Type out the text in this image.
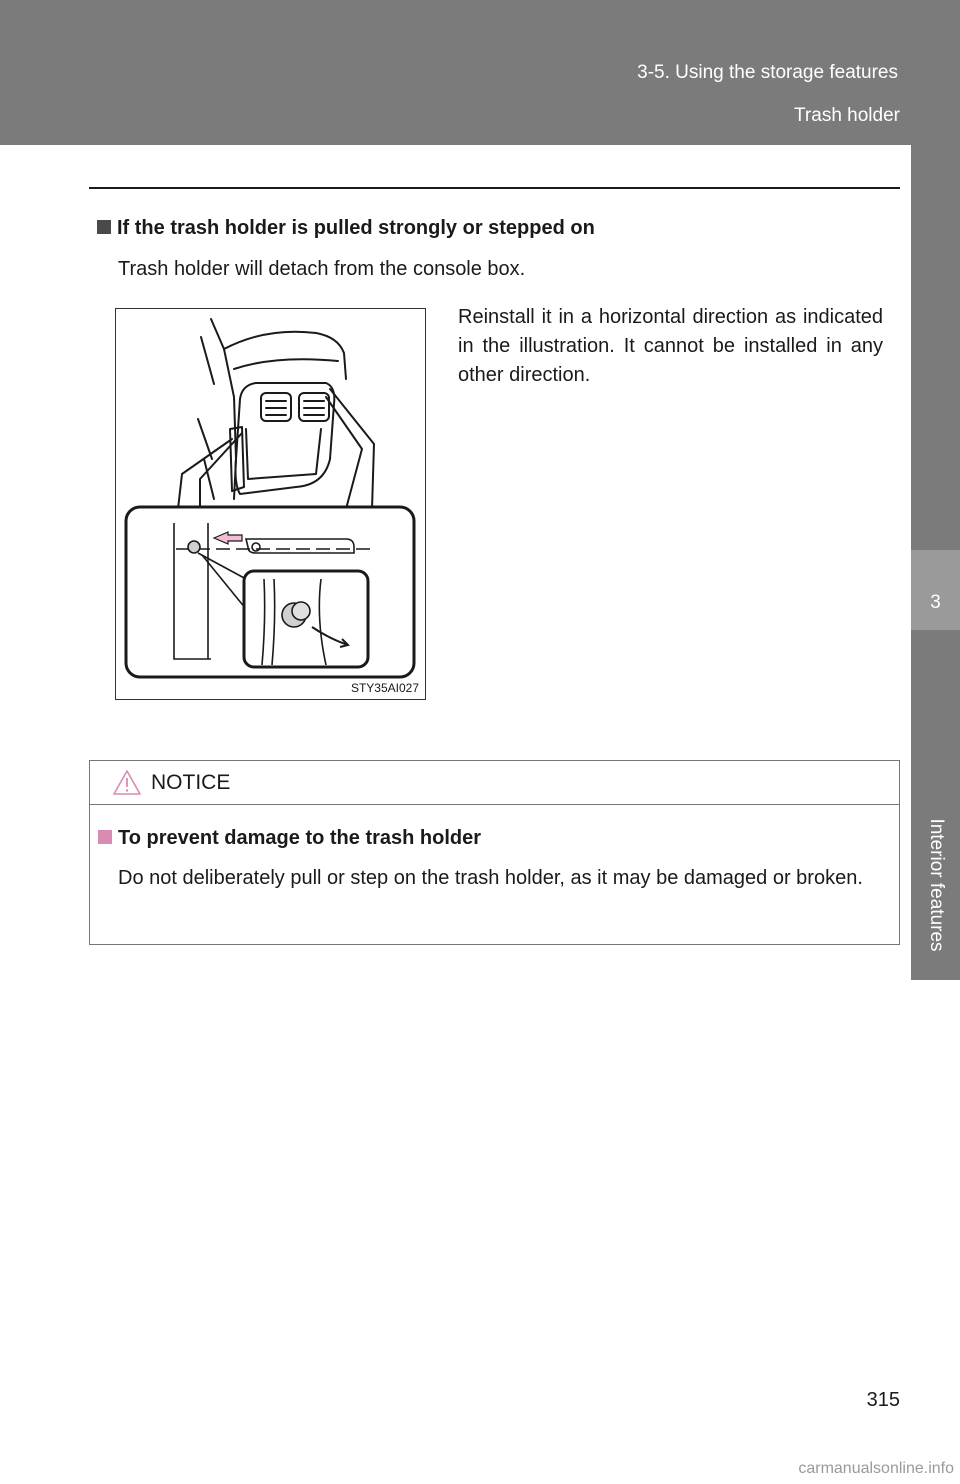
3-5. Using the storage features
Trash holder
3
Interior features
If the trash holder is pulled strongly or stepped on
Trash holder will detach from the console box.
STY35AI027
Reinstall it in a horizontal direction as indicated in the illustration. It cannot be installed in any other direction.
NOTICE
To prevent damage to the trash holder
Do not deliberately pull or step on the trash holder, as it may be damaged or broken.
315
carmanualsonline.info
